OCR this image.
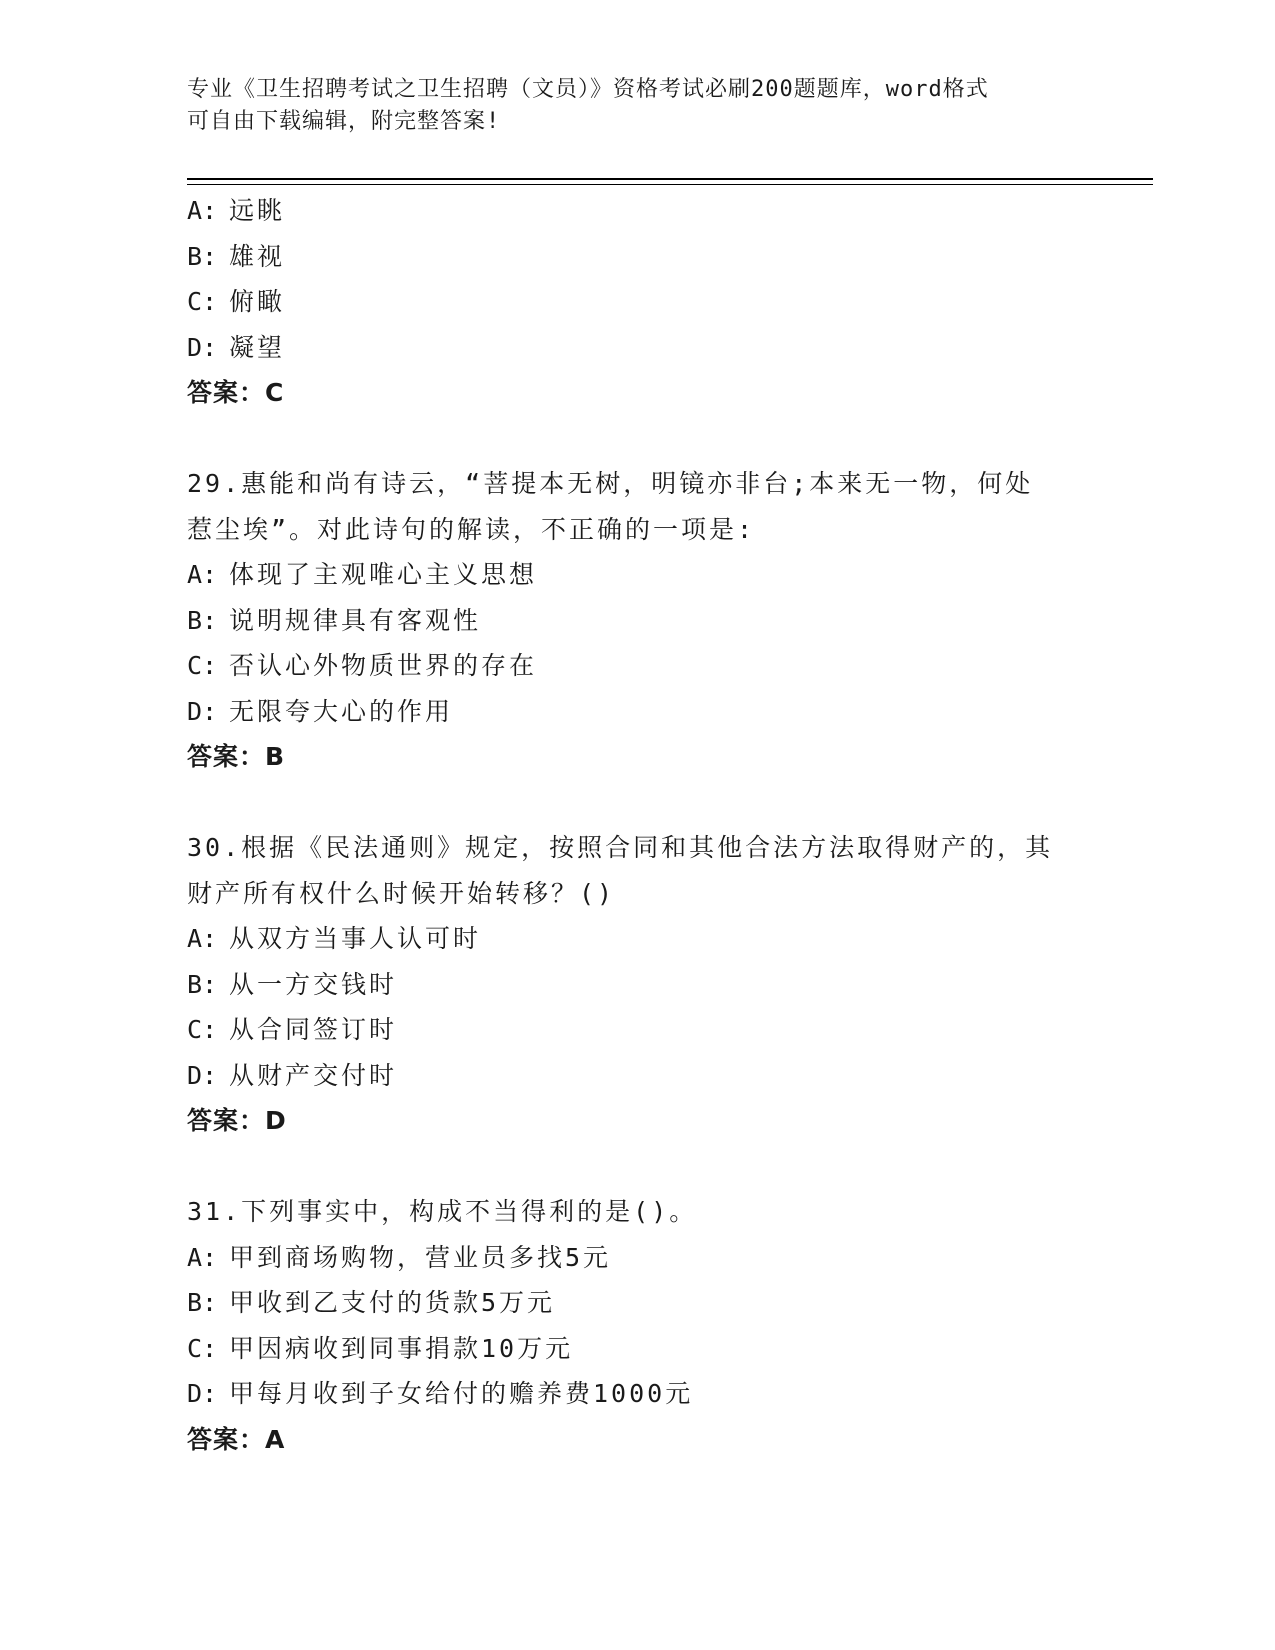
专业《卫生招聘考试之卫生招聘（文员）》资格考试必刷200题题库，word格式
可自由下载编辑，附完整答案!
A: 远眺
B: 雄视
C: 俯瞰
D: 凝望
答案：C
29.惠能和尚有诗云，“菩提本无树，明镜亦非台;本来无一物，何处
惹尘埃”。对此诗句的解读，不正确的一项是:
A: 体现了主观唯心主义思想
B: 说明规律具有客观性
C: 否认心外物质世界的存在
D: 无限夸大心的作用
答案：B
30.根据《民法通则》规定，按照合同和其他合法方法取得财产的，其
财产所有权什么时候开始转移？()
A: 从双方当事人认可时
B: 从一方交钱时
C: 从合同签订时
D: 从财产交付时
答案：D
31.下列事实中，构成不当得利的是()。
A: 甲到商场购物，营业员多找5元
B: 甲收到乙支付的货款5万元
C: 甲因病收到同事捐款10万元
D: 甲每月收到子女给付的赡养费1000元
答案：A
